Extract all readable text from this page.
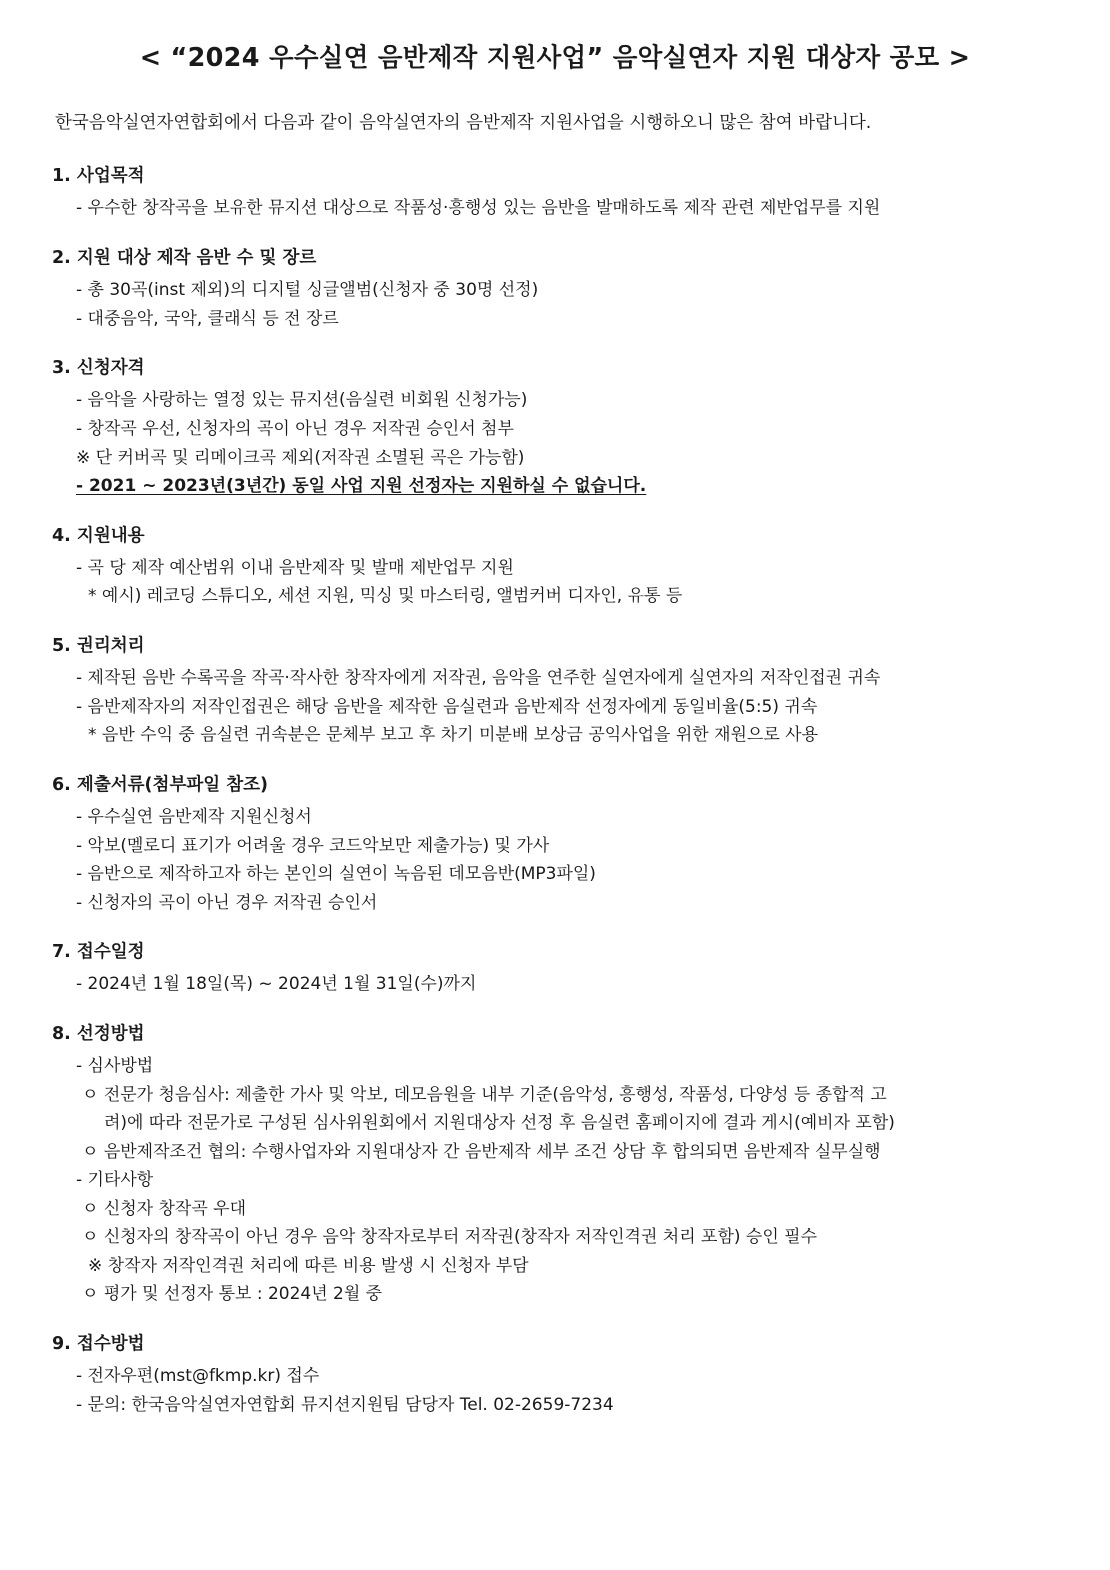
< “2024 우수실연 음반제작 지원사업” 음악실연자 지원 대상자 공모 >

한국음악실연자연합회에서 다음과 같이 음악실연자의 음반제작 지원사업을 시행하오니 많은 참여 바랍니다.

1. 사업목적
- 우수한 창작곡을 보유한 뮤지션 대상으로 작품성·흥행성 있는 음반을 발매하도록 제작 관련 제반업무를 지원
2. 지원 대상 제작 음반 수 및 장르
- 총 30곡(inst 제외)의 디지털 싱글앨범(신청자 중 30명 선정)
- 대중음악, 국악, 클래식 등 전 장르
3. 신청자격
- 음악을 사랑하는 열정 있는 뮤지션(음실련 비회원 신청가능)
- 창작곡 우선, 신청자의 곡이 아닌 경우 저작권 승인서 첨부
※ 단 커버곡 및 리메이크곡 제외(저작권 소멸된 곡은 가능함)
- 2021 ~ 2023년(3년간) 동일 사업 지원 선정자는 지원하실 수 없습니다.
4. 지원내용
- 곡 당 제작 예산범위 이내 음반제작 및 발매 제반업무 지원
* 예시) 레코딩 스튜디오, 세션 지원, 믹싱 및 마스터링, 앨범커버 디자인, 유통 등
5. 권리처리
- 제작된 음반 수록곡을 작곡·작사한 창작자에게 저작권, 음악을 연주한 실연자에게 실연자의 저작인접권 귀속
- 음반제작자의 저작인접권은 해당 음반을 제작한 음실련과 음반제작 선정자에게 동일비율(5:5) 귀속
* 음반 수익 중 음실련 귀속분은 문체부 보고 후 차기 미분배 보상금 공익사업을 위한 재원으로 사용
6. 제출서류(첨부파일 참조)
- 우수실연 음반제작 지원신청서
- 악보(멜로디 표기가 어려울 경우 코드악보만 제출가능) 및 가사
- 음반으로 제작하고자 하는 본인의 실연이 녹음된 데모음반(MP3파일)
- 신청자의 곡이 아닌 경우 저작권 승인서
7. 접수일정
- 2024년 1월 18일(목) ~ 2024년 1월 31일(수)까지
8. 선정방법
- 심사방법
ㅇ 전문가 청음심사: 제출한 가사 및 악보, 데모음원을 내부 기준(음악성, 흥행성, 작품성, 다양성 등 종합적 고
려)에 따라 전문가로 구성된 심사위원회에서 지원대상자 선정 후 음실련 홈페이지에 결과 게시(예비자 포함)
ㅇ 음반제작조건 협의: 수행사업자와 지원대상자 간 음반제작 세부 조건 상담 후 합의되면 음반제작 실무실행
- 기타사항
ㅇ 신청자 창작곡 우대
ㅇ 신청자의 창작곡이 아닌 경우 음악 창작자로부터 저작권(창작자 저작인격권 처리 포함) 승인 필수
※ 창작자 저작인격권 처리에 따른 비용 발생 시 신청자 부담
ㅇ 평가 및 선정자 통보 : 2024년 2월 중
9. 접수방법
- 전자우편(mst@fkmp.kr) 접수
- 문의: 한국음악실연자연합회 뮤지션지원팀 담당자 Tel. 02-2659-7234
